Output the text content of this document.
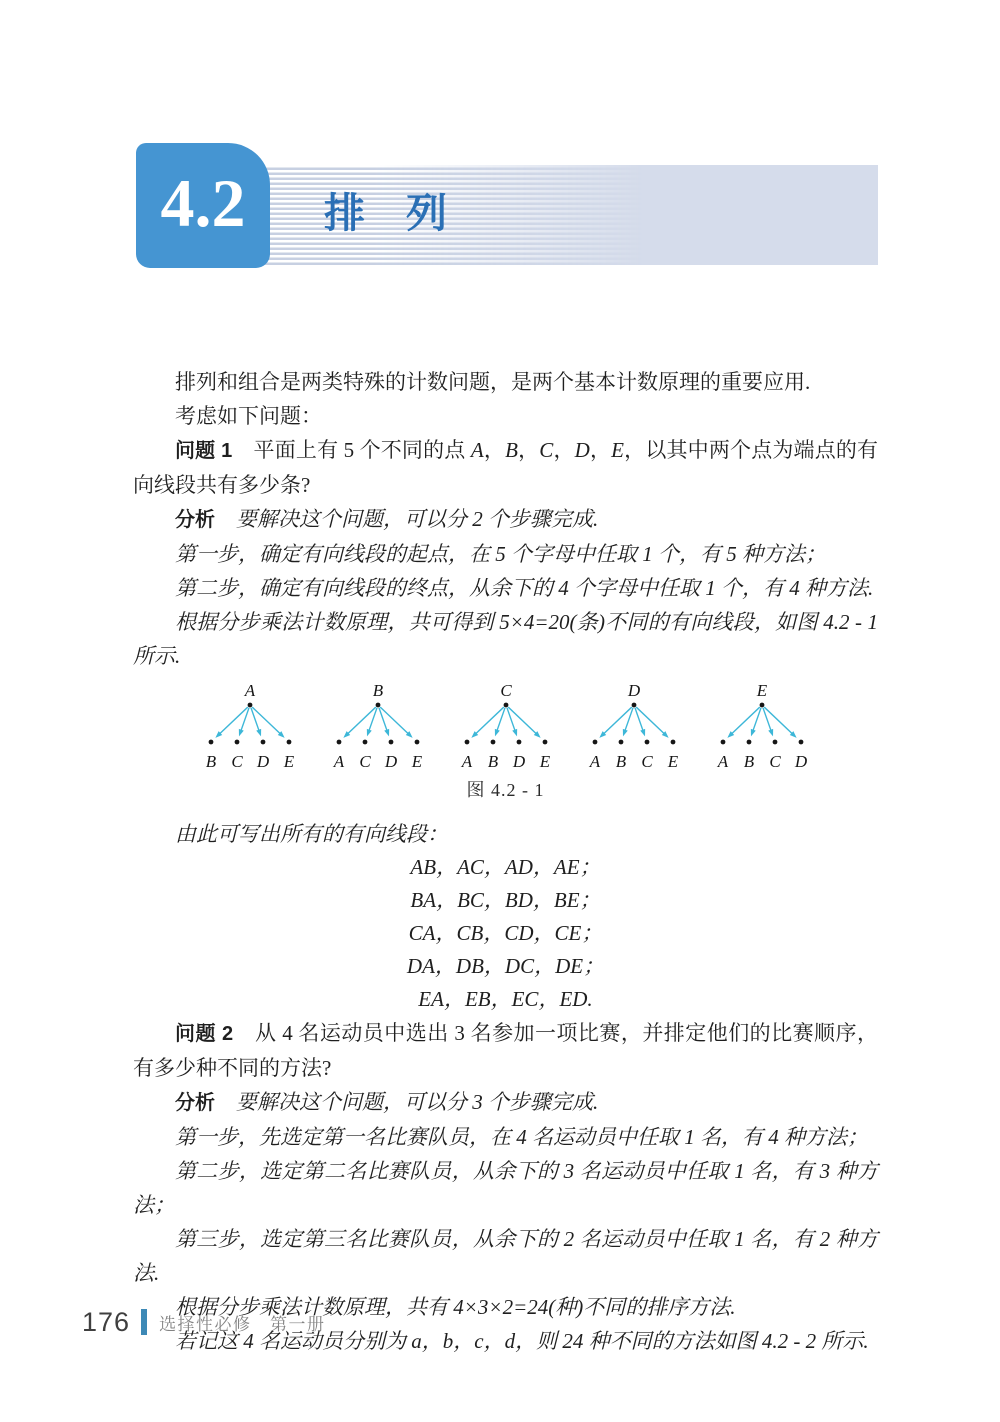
4.2 排　列

排列和组合是两类特殊的计数问题，是两个基本计数原理的重要应用.

考虑如下问题：

问题 1　平面上有 5 个不同的点 A，B，C，D，E，以其中两个点为端点的有向线段共有多少条?

分析　要解决这个问题，可以分 2 个步骤完成.

第一步，确定有向线段的起点，在 5 个字母中任取 1 个，有 5 种方法；

第二步，确定有向线段的终点，从余下的 4 个字母中任取 1 个，有 4 种方法.

根据分步乘法计数原理，共可得到 5×4=20(条)不同的有向线段，如图 4.2 - 1 所示.

A
B C D E
B
A C D E
C
A B D E
D
A B C E
E
A B C D
图 4.2 - 1

由此可写出所有的有向线段：

AB，AC，AD，AE；
BA，BC，BD，BE；
CA，CB，CD，CE；
DA，DB，DC，DE；
EA，EB，EC，ED.

问题 2　从 4 名运动员中选出 3 名参加一项比赛，并排定他们的比赛顺序，有多少种不同的方法?

分析　要解决这个问题，可以分 3 个步骤完成.

第一步，先选定第一名比赛队员，在 4 名运动员中任取 1 名，有 4 种方法；

第二步，选定第二名比赛队员，从余下的 3 名运动员中任取 1 名，有 3 种方法；

第三步，选定第三名比赛队员，从余下的 2 名运动员中任取 1 名，有 2 种方法.

根据分步乘法计数原理，共有 4×3×2=24(种)不同的排序方法.

若记这 4 名运动员分别为 a，b，c，d，则 24 种不同的方法如图 4.2 - 2 所示.

176 选择性必修　第一册
